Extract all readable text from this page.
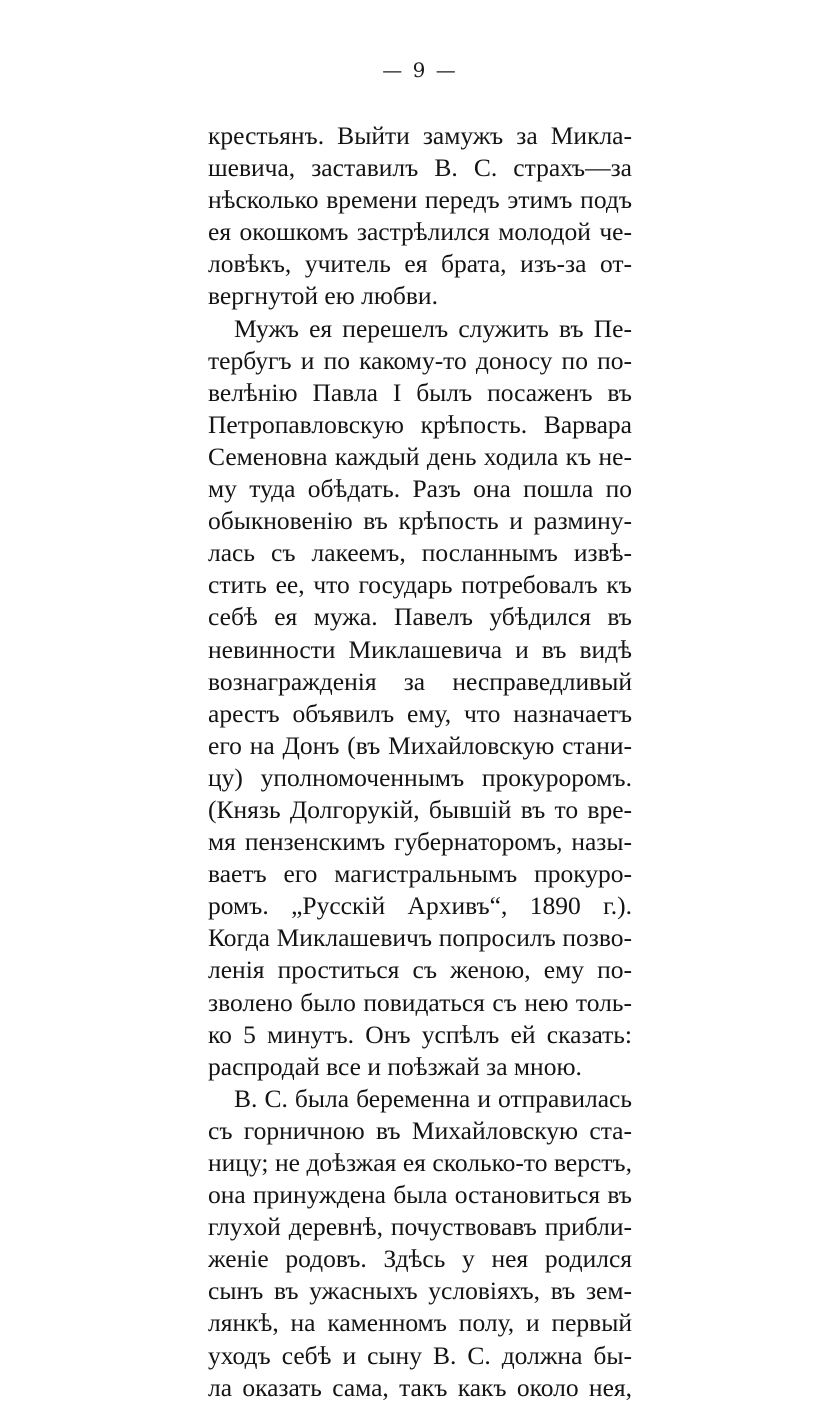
— 9 —
крестьянъ. Выйти замужъ за Микла-
шевича, заставилъ В. С. страхъ—за
нѣсколько времени передъ этимъ подъ
ея окошкомъ застрѣлился молодой че-
ловѣкъ, учитель ея брата, изъ-за от-
вергнутой ею любви.
Мужъ ея перешелъ служить въ Пе-
тербугъ и по какому-то доносу по по-
велѣнію Павла I былъ посаженъ въ
Петропавловскую крѣпость. Варвара
Семеновна каждый день ходила къ не-
му туда обѣдать. Разъ она пошла по
обыкновенію въ крѣпость и размину-
лась съ лакеемъ, посланнымъ извѣ-
стить ее, что государь потребовалъ къ
себѣ ея мужа. Павелъ убѣдился въ
невинности Миклашевича и въ видѣ
вознагражденія за несправедливый
арестъ объявилъ ему, что назначаетъ
его на Донъ (въ Михайловскую стани-
цу) уполномоченнымъ прокуроромъ.
(Князь Долгорукій, бывшій въ то вре-
мя пензенскимъ губернаторомъ, назы-
ваетъ его магистральнымъ прокуро-
ромъ. „Русскій Архивъ“, 1890 г.).
Когда Миклашевичъ попросилъ позво-
ленія проститься съ женою, ему по-
зволено было повидаться съ нею толь-
ко 5 минутъ. Онъ успѣлъ ей сказать:
распродай все и поѣзжай за мною.
В. С. была беременна и отправилась
съ горничною въ Михайловскую ста-
ницу; не доѣзжая ея сколько-то верстъ,
она принуждена была остановиться въ
глухой деревнѣ, почуствовавъ прибли-
женіе родовъ. Здѣсь у нея родился
сынъ въ ужасныхъ условіяхъ, въ зем-
лянкѣ, на каменномъ полу, и первый
уходъ себѣ и сыну В. С. должна бы-
ла оказать сама, такъ какъ около нея,
